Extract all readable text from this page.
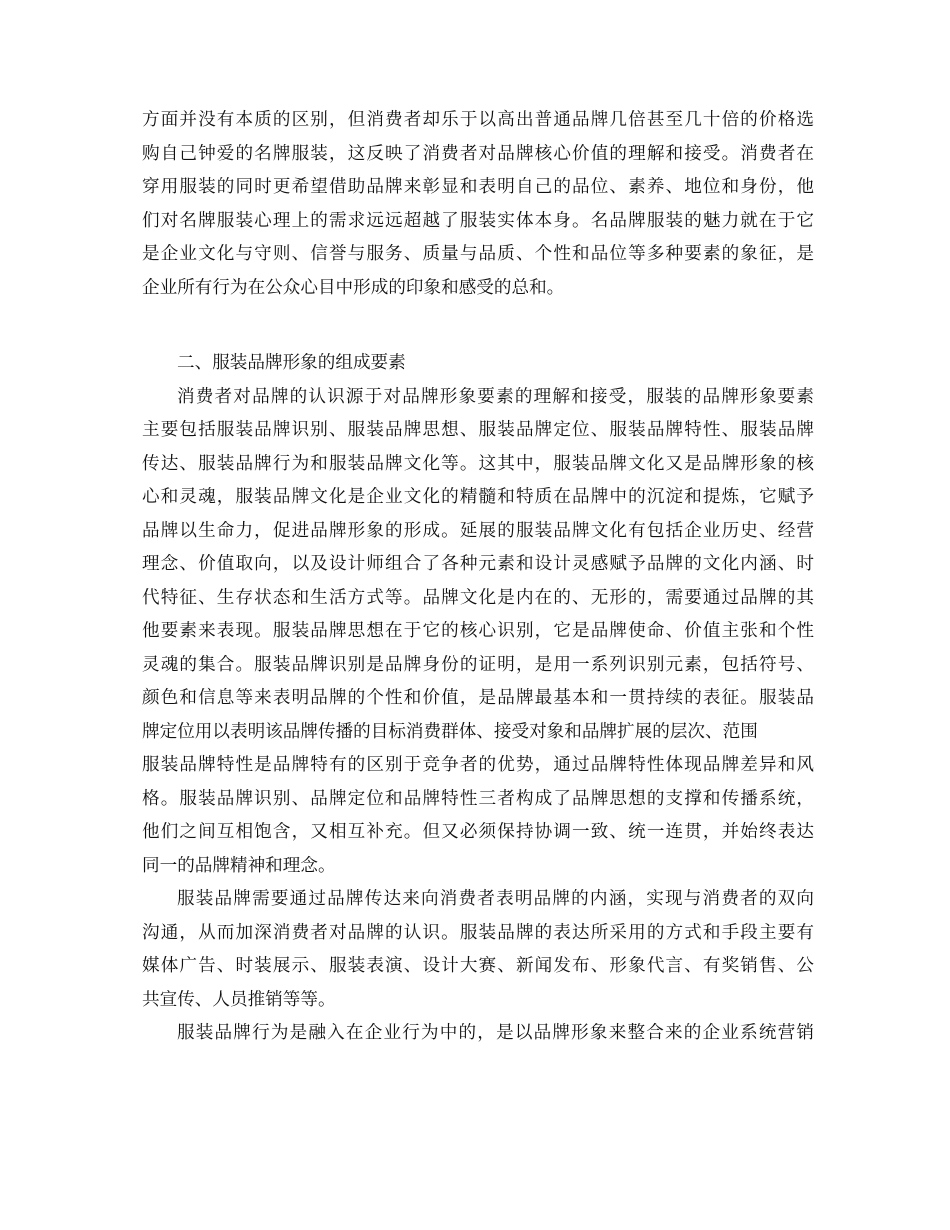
方面并没有本质的区别，但消费者却乐于以高出普通品牌几倍甚至几十倍的价格选
购自己钟爱的名牌服装，这反映了消费者对品牌核心价值的理解和接受。消费者在
穿用服装的同时更希望借助品牌来彰显和表明自己的品位、素养、地位和身份，他
们对名牌服装心理上的需求远远超越了服装实体本身。名品牌服装的魅力就在于它
是企业文化与守则、信誉与服务、质量与品质、个性和品位等多种要素的象征，是
企业所有行为在公众心目中形成的印象和感受的总和。
二、服装品牌形象的组成要素
消费者对品牌的认识源于对品牌形象要素的理解和接受，服装的品牌形象要素
主要包括服装品牌识别、服装品牌思想、服装品牌定位、服装品牌特性、服装品牌
传达、服装品牌行为和服装品牌文化等。这其中，服装品牌文化又是品牌形象的核
心和灵魂，服装品牌文化是企业文化的精髓和特质在品牌中的沉淀和提炼，它赋予
品牌以生命力，促进品牌形象的形成。延展的服装品牌文化有包括企业历史、经营
理念、价值取向，以及设计师组合了各种元素和设计灵感赋予品牌的文化内涵、时
代特征、生存状态和生活方式等。品牌文化是内在的、无形的，需要通过品牌的其
他要素来表现。服装品牌思想在于它的核心识别，它是品牌使命、价值主张和个性
灵魂的集合。服装品牌识别是品牌身份的证明，是用一系列识别元素，包括符号、
颜色和信息等来表明品牌的个性和价值，是品牌最基本和一贯持续的表征。服装品
牌定位用以表明该品牌传播的目标消费群体、接受对象和品牌扩展的层次、范围
服装品牌特性是品牌特有的区别于竞争者的优势，通过品牌特性体现品牌差异和风
格。服装品牌识别、品牌定位和品牌特性三者构成了品牌思想的支撑和传播系统，
他们之间互相饱含，又相互补充。但又必须保持协调一致、统一连贯，并始终表达
同一的品牌精神和理念。
服装品牌需要通过品牌传达来向消费者表明品牌的内涵，实现与消费者的双向
沟通，从而加深消费者对品牌的认识。服装品牌的表达所采用的方式和手段主要有
媒体广告、时装展示、服装表演、设计大赛、新闻发布、形象代言、有奖销售、公
共宣传、人员推销等等。
服装品牌行为是融入在企业行为中的，是以品牌形象来整合来的企业系统营销
